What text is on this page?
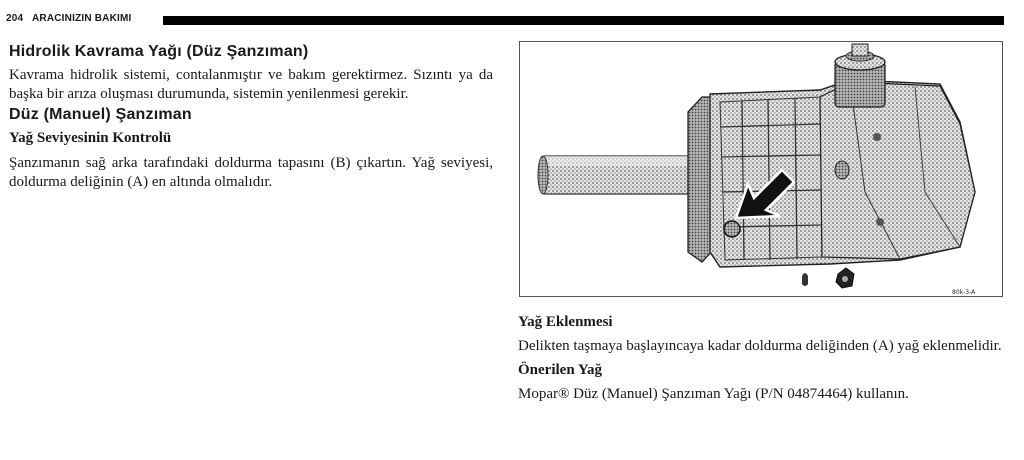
204 ARACINIZIN BAKIMI
Hidrolik Kavrama Yağı (Düz Şanzıman)

Kavrama hidrolik sistemi, contalanmıştır ve bakım gerektirmez. Sızıntı ya da başka bir arıza oluşması durumunda, sistemin yenilenmesi gerekir.

Düz (Manuel) Şanzıman
Yağ Seviyesinin Kontrolü

Şanzımanın sağ arka tarafındaki doldurma tapasını (B) çıkartın. Yağ seviyesi, doldurma deliğinin (A) en altında olmalıdır.

80k-3-A
Yağ Eklenmesi

Delikten taşmaya başlayıncaya kadar doldurma deliğinden (A) yağ eklenmelidir.

Önerilen Yağ

Mopar® Düz (Manuel) Şanzıman Yağı (P/N 04874464) kullanın.
